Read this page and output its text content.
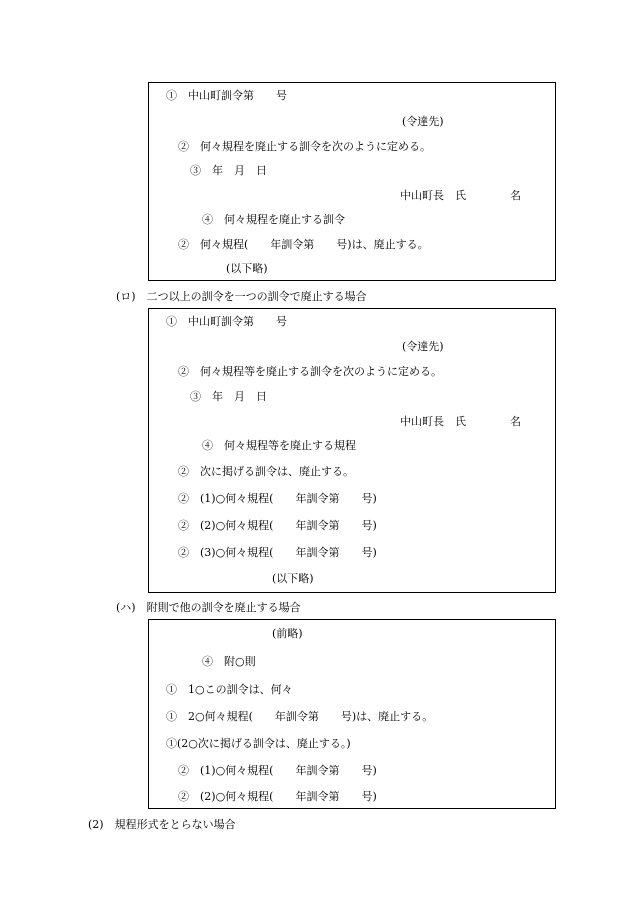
①　中山町訓令第　　号
(令達先)
②　何々規程を廃止する訓令を次のように定める。
③　年　月　日
中山町長　氏　　　　名
④　何々規程を廃止する訓令
②　何々規程(　　年訓令第　　号)は、廃止する。
(以下略)
(ロ)　二つ以上の訓令を一つの訓令で廃止する場合
①　中山町訓令第　　号
(令達先)
②　何々規程等を廃止する訓令を次のように定める。
③　年　月　日
中山町長　氏　　　　名
④　何々規程等を廃止する規程
②　次に掲げる訓令は、廃止する。
②　(1)○何々規程(　　年訓令第　　号)
②　(2)○何々規程(　　年訓令第　　号)
②　(3)○何々規程(　　年訓令第　　号)
(以下略)
(ハ)　附則で他の訓令を廃止する場合
(前略)
④　附○則
①　1○この訓令は、何々
①　2○何々規程(　　年訓令第　　号)は、廃止する。
①(2○次に掲げる訓令は、廃止する。)
②　(1)○何々規程(　　年訓令第　　号)
②　(2)○何々規程(　　年訓令第　　号)
(2)　規程形式をとらない場合
